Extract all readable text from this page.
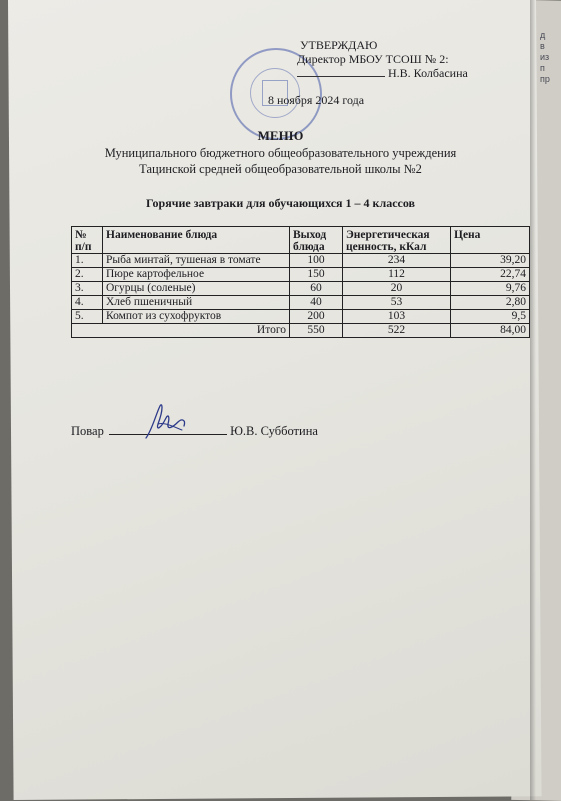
д
в
из
п
пр
УТВЕРЖДАЮ
Директор МБОУ ТСОШ № 2:
Н.В. Колбасина
8 ноября 2024 года
МЕНЮ
Муниципального бюджетного общеобразовательного учреждения
Тацинской средней общеобразовательной школы №2
Горячие завтраки для обучающихся 1 – 4 классов
№ п/п	Наименование блюда	Выход блюда	Энергетическая ценность, кКал	Цена
1.	Рыба минтай, тушеная в томате	100	234	39,20
2.	Пюре картофельное	150	112	22,74
3.	Огурцы (соленые)	60	20	9,76
4.	Хлеб пшеничный	40	53	2,80
5.	Компот из сухофруктов	200	103	9,5
Итого		550	522	84,00
Повар	Ю.В. Субботина
